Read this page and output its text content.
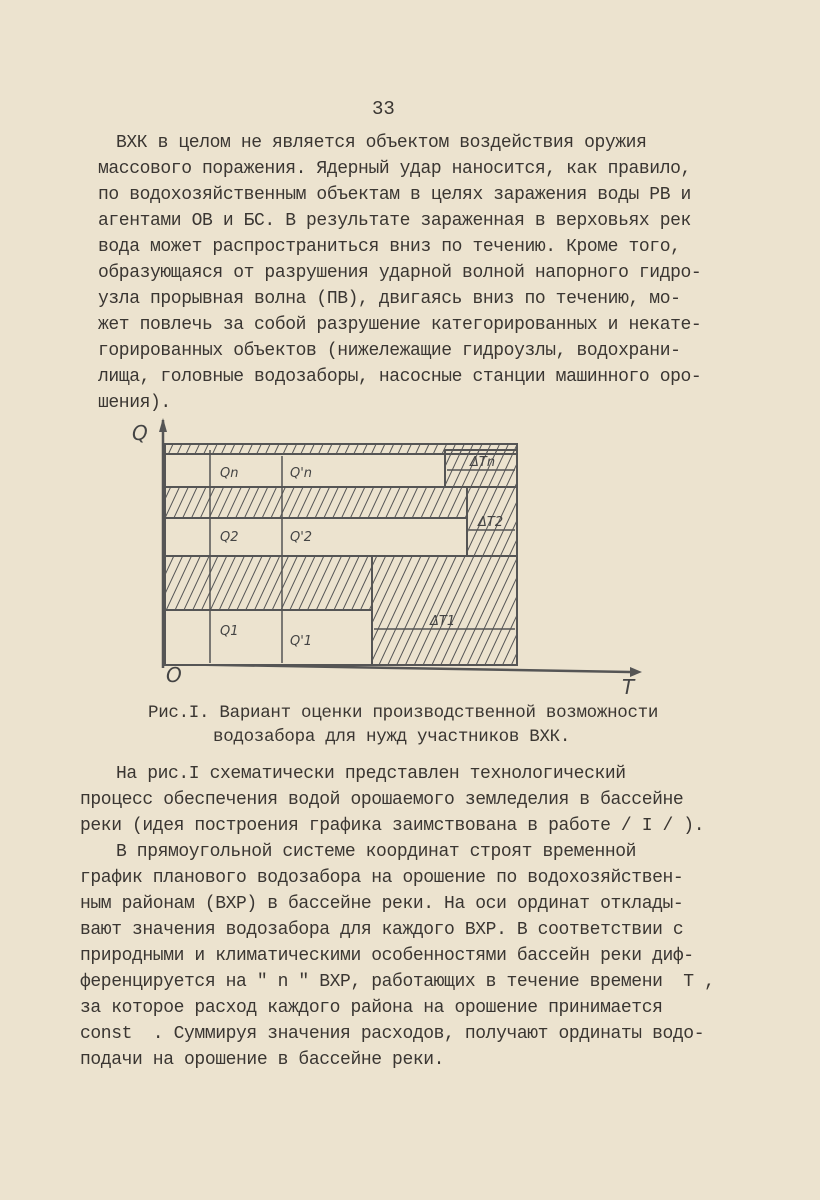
33
ВХК в целом не является объектом воздействия оружия
массового поражения. Ядерный удар наносится, как правило,
по водохозяйственным объектам в целях заражения воды РВ и
агентами ОВ и БС. В результате зараженная в верховьях рек
вода может распространиться вниз по течению. Кроме того,
образующаяся от разрушения ударной волной напорного гидро-
узла прорывная волна (ПВ), двигаясь вниз по течению, мо-
жет повлечь за собой разрушение категорированных и некате-
горированных объектов (нижележащие гидроузлы, водохрани-
лища, головные водозаборы, насосные станции машинного оро-
шения).
Q
O	T
Qn	Q'n
ΔTn
Q2	Q'2
ΔT2
Q1
Q'1
ΔT1
Рис.I. Вариант оценки производственной возможности
водозабора для нужд участников ВХК.
На рис.I схематически представлен технологический
процесс обеспечения водой орошаемого земледелия в бассейне
реки (идея построения графика заимствована в работе / I / ).
В прямоугольной системе координат строят временной
график планового водозабора на орошение по водохозяйствен-
ным районам (ВХР) в бассейне реки. На оси ординат отклады-
вают значения водозабора для каждого ВХР. В соответствии с
природными и климатическими особенностями бассейн реки диф-
ференцируется на " n " ВХР, работающих в течение времени  T ,
за которое расход каждого района на орошение принимается
const  . Суммируя значения расходов, получают ординаты водо-
подачи на орошение в бассейне реки.
